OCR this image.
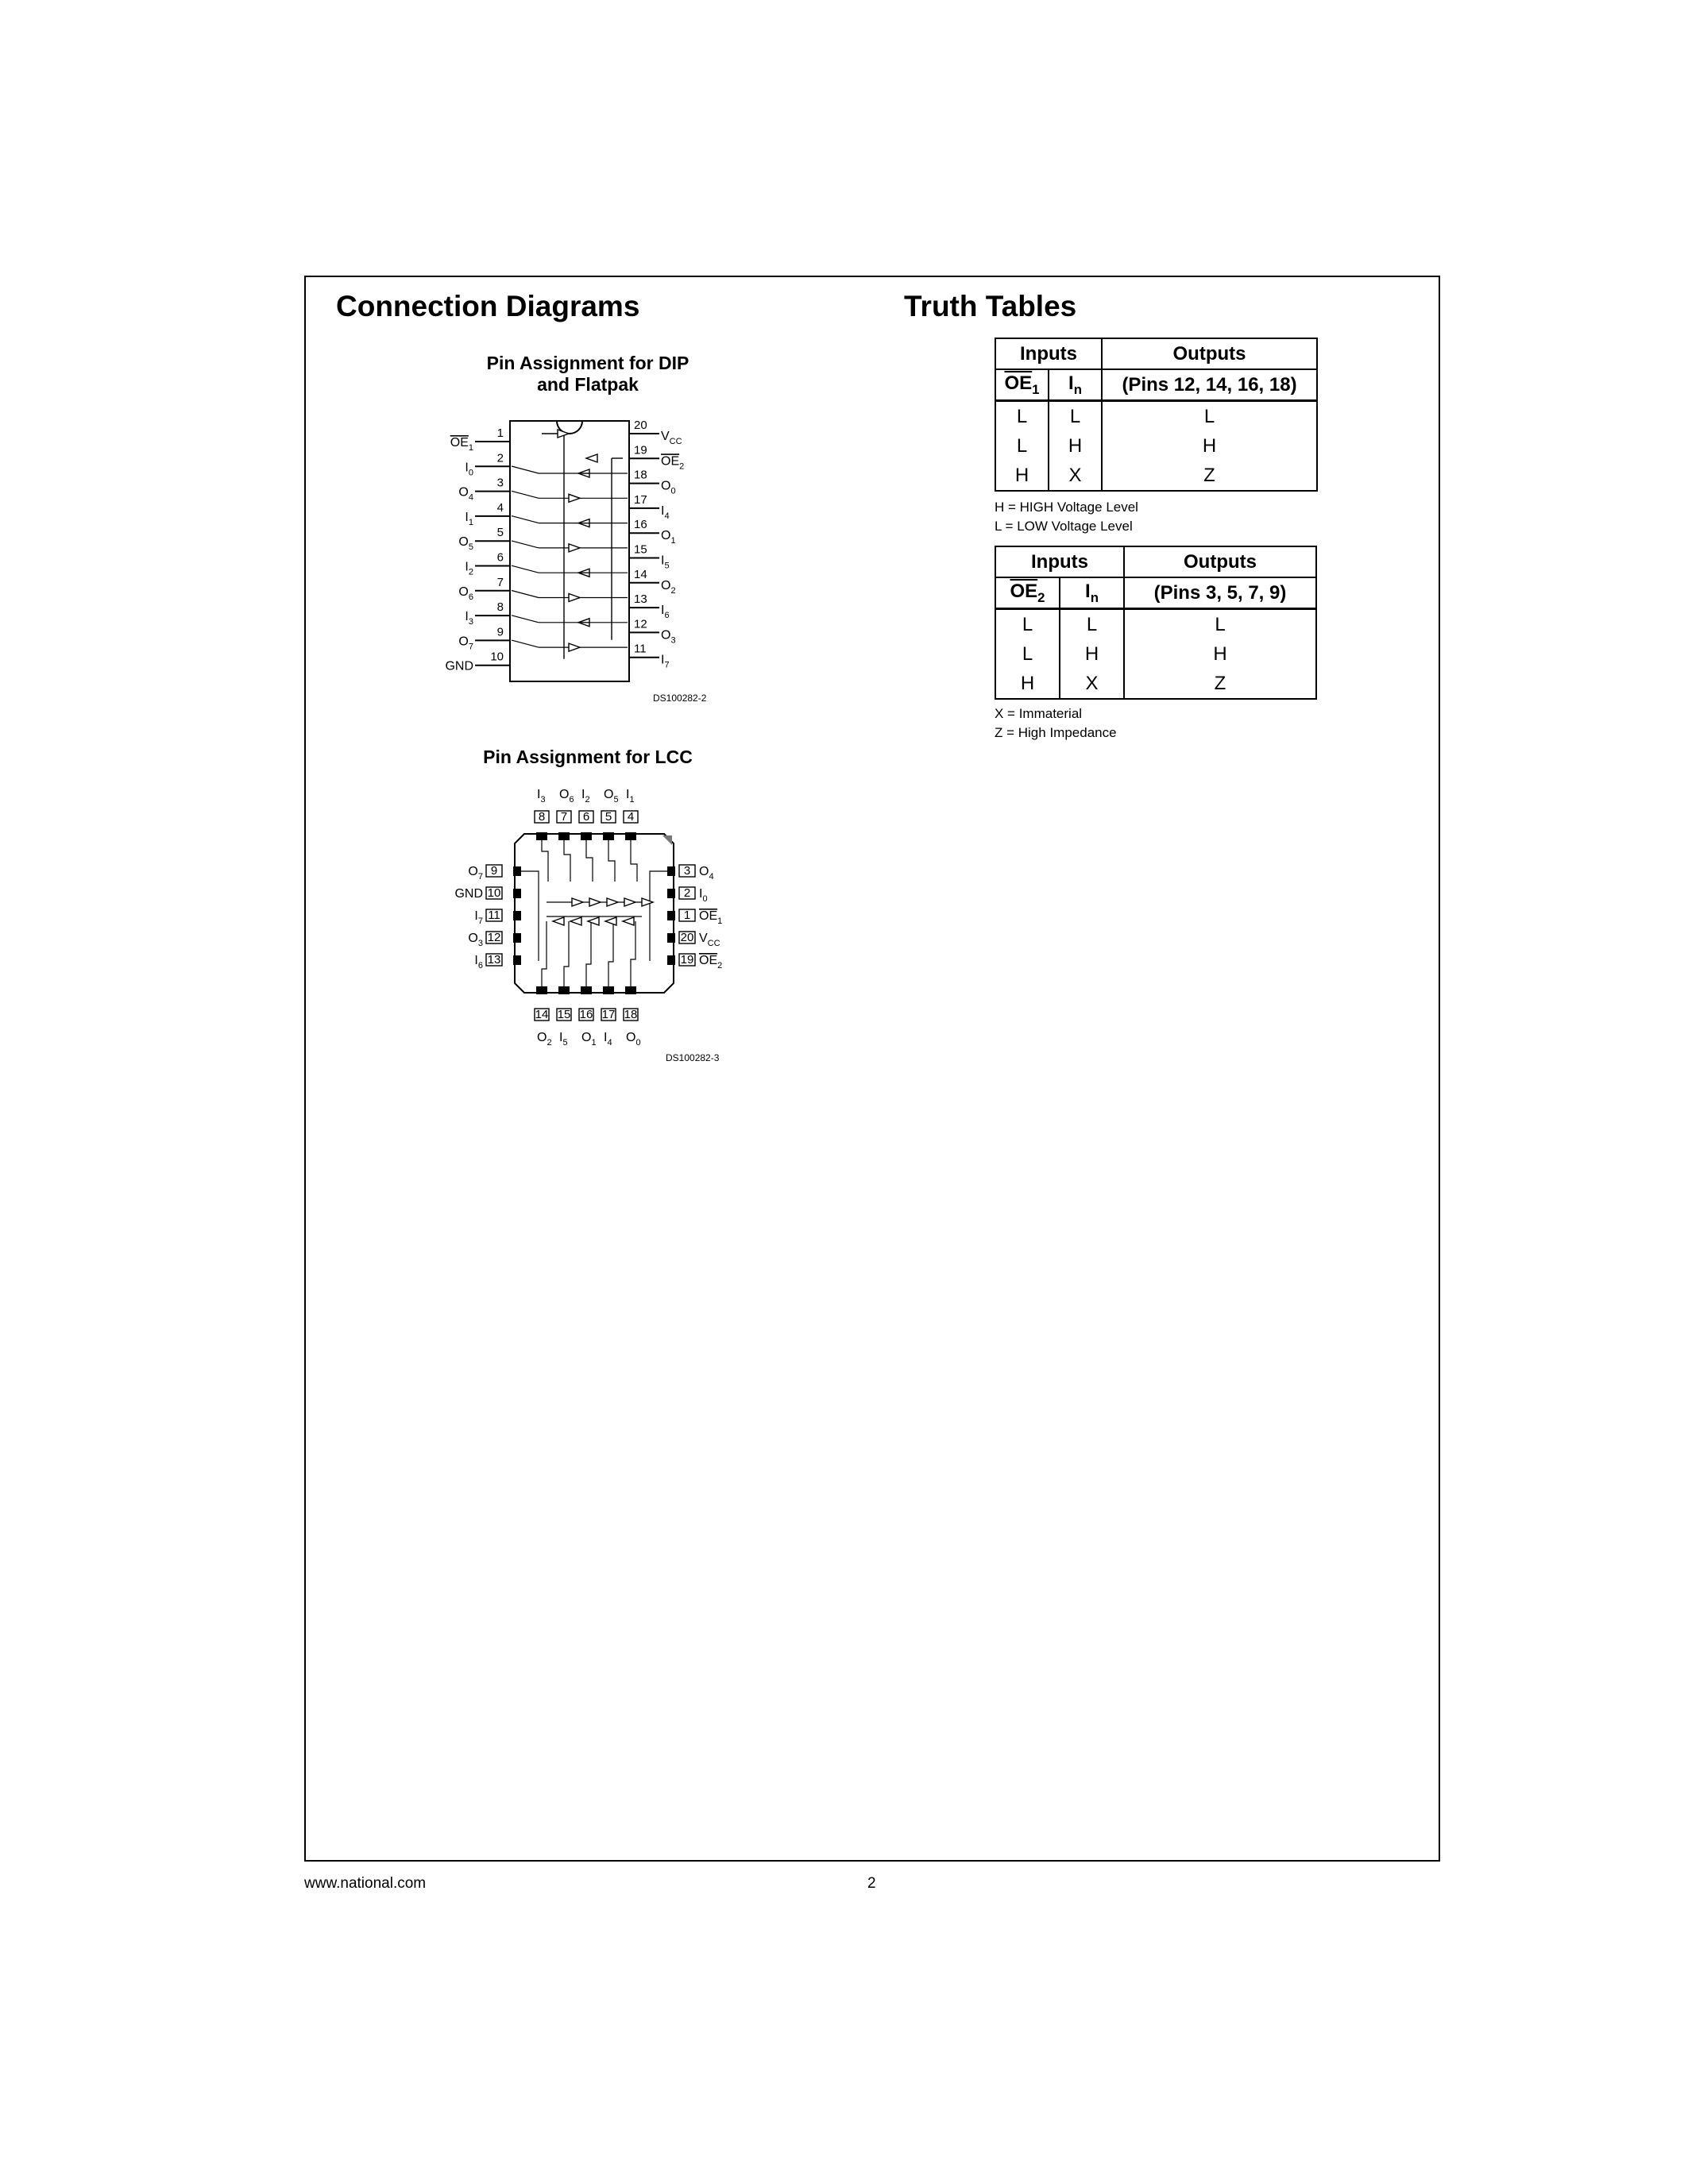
Connection Diagrams	Truth Tables
Pin Assignment for DIP
and Flatpak
1
$OE_1$
2
$I_0$
3
$O_4$
4
$I_1$
5
$O_5$
6
$I_2$
7
$O_6$
8
$I_3$
9
$O_7$
10
GND
20
$V_{CC}$
19
$OE_2$
18
$O_0$
17
$I_4$
16
$O_1$
15
$I_5$
14
$O_2$
13
$I_6$
12
$O_3$
11
$I_7$
DS100282-2
Pin Assignment for LCC
$I_3$
8
$O_6$
7
$I_2$
6
$O_5$
5
$I_1$
4
14
$O_2$
15
$I_5$
16
$O_1$
17
$I_4$
18
$O_0$
9
$O_7$
10
GND
11
$I_7$
12
$O_3$
13
$I_6$
3 $O_4$
2 $I_0$
1 $OE_1$
20 $V_{CC}$
19 $OE_2$
DS100282-3
Inputs		Outputs
$\overline{OE}_1$	$I_n$	(Pins 12, 14, 16, 18)
L	L	L
L	H	H
H	X	Z
H = HIGH Voltage Level
L = LOW Voltage Level
Inputs		Outputs
$\overline{OE}_2$	$I_n$	(Pins 3, 5, 7, 9)
L	L	L
L	H	H
H	X	Z
X = Immaterial
Z = High Impedance
www.national.com	2
